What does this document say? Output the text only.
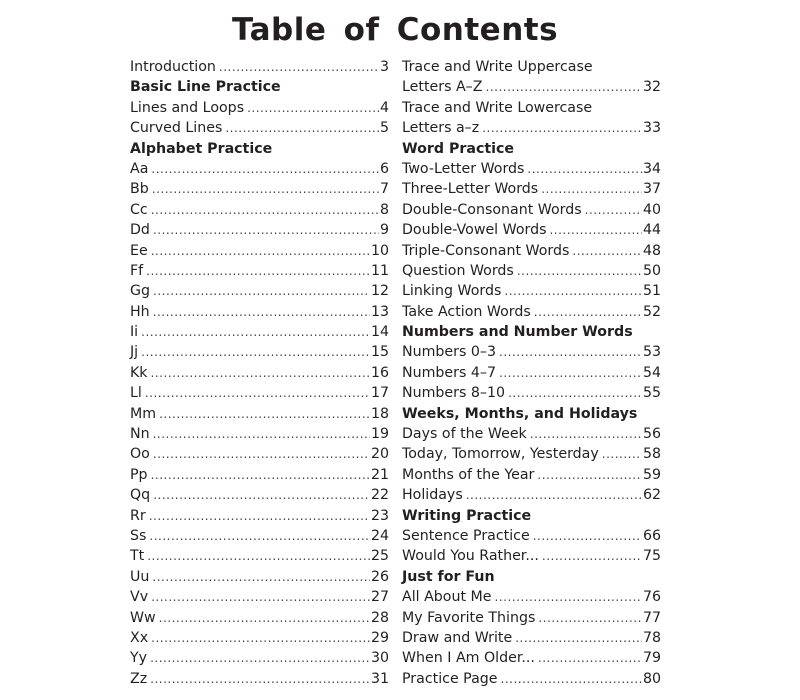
Table of Contents
Introduction .....	3
Basic Line Practice
Lines and Loops .....	4
Curved Lines .....	5
Alphabet Practice
Aa .....	6
Bb .....	7
Cc .....	8
Dd .....	9
Ee .....	10
Ff .....	11
Gg .....	12
Hh .....	13
Ii .....	14
Jj .....	15
Kk .....	16
Ll .....	17
Mm .....	18
Nn .....	19
Oo .....	20
Pp .....	21
Qq .....	22
Rr .....	23
Ss .....	24
Tt .....	25
Uu .....	26
Vv .....	27
Ww .....	28
Xx .....	29
Yy .....	30
Zz .....	31
Trace and Write Uppercase
Letters A–Z .....	32
Trace and Write Lowercase
Letters a–z .....	33
Word Practice
Two-Letter Words .....	34
Three-Letter Words .....	37
Double-Consonant Words .....	40
Double-Vowel Words .....	44
Triple-Consonant Words .....	48
Question Words .....	50
Linking Words .....	51
Take Action Words .....	52
Numbers and Number Words
Numbers 0–3 .....	53
Numbers 4–7 .....	54
Numbers 8–10 .....	55
Weeks, Months, and Holidays
Days of the Week .....	56
Today, Tomorrow, Yesterday .....	58
Months of the Year .....	59
Holidays .....	62
Writing Practice
Sentence Practice .....	66
Would You Rather... .....	75
Just for Fun
All About Me .....	76
My Favorite Things .....	77
Draw and Write .....	78
When I Am Older... .....	79
Practice Page .....	80
